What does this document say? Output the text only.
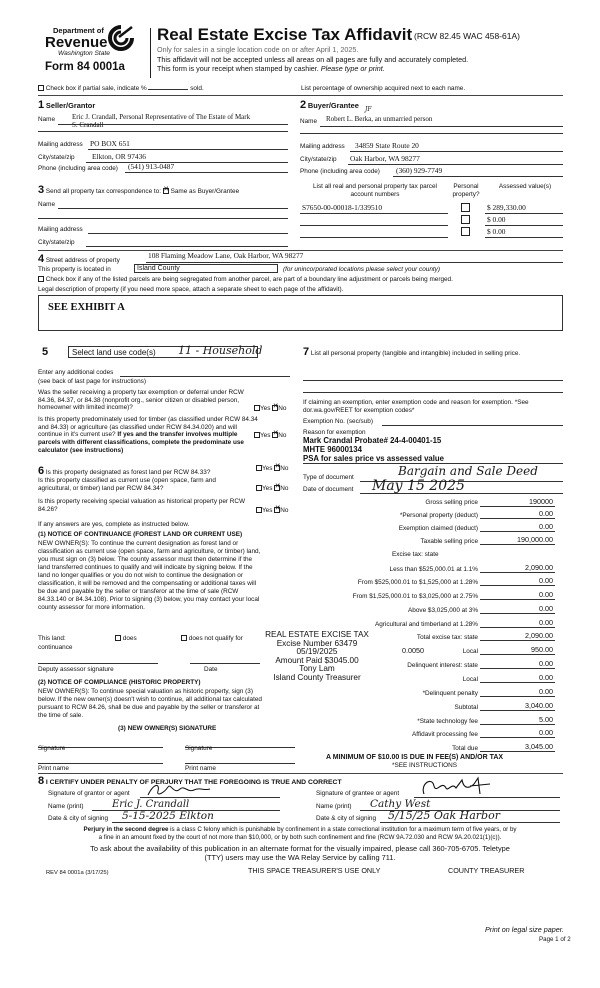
Department of
Revenue
Washington State
Form 84 0001a
Real Estate Excise Tax Affidavit (RCW 82.45 WAC 458-61A)
Only for sales in a single location code on or after April 1, 2025.
This affidavit will not be accepted unless all areas on all pages are fully and accurately completed.
This form is your receipt when stamped by cashier. Please type or print.
Check box if partial sale, indicate %	sold.	List percentage of ownership acquired next to each name.
1 Seller/Grantor
Name Eric J. Crandall, Personal Representative of The Estate of Mark
S. Crandall
Mailing address PO BOX 651
City/state/zip Elkton, OR 97436
Phone (including area code) (541) 913-0487
2 Buyer/Grantee
Name Robert L. Berka, an unmarried person
JF
Mailing address 34859 State Route 20
City/state/zip Oak Harbor, WA 98277
Phone (including area code) (360) 929-7749
3 Send all property tax correspondence to: ✕ Same as Buyer/Grantee
Name
Mailing address
City/state/zip
List all real and personal property tax parcel account numbers
Personal property?
Assessed value(s)
S7650-00-00018-1/339510	$ 289,330.00
$ 0.00
$ 0.00
4 Street address of property
108 Flaming Meadow Lane, Oak Harbor, WA 98277
This property is located in	Island County	(for unincorporated locations please select your county)
Check box if any of the listed parcels are being segregated from another parcel, are part of a boundary line adjustment or parcels being merged.
Legal description of property (if you need more space, attach a separate sheet to each page of the affidavit).
SEE EXHIBIT A
5	Select land use code(s) 11 - Household
Enter any additional codes
(see back of last page for instructions)
Was the seller receiving a property tax exemption or deferral under RCW 84.36, 84.37, or 84.38 (nonprofit org., senior citizen or disabled person, homeowner with limited income)?	Yes ✕ No
Is this property predominately used for timber (as classified under RCW 84.34 and 84.33) or agriculture (as classified under RCW 84.34.020) and will continue in it's current use? If yes and the transfer involves multiple parcels with different classifications, complete the predominate use calculator (see instructions)
Yes ✕ No
6 Is this property designated as forest land per RCW 84.33?
Yes ✕ No
Is this property classified as current use (open space, farm and agricultural, or timber) land per RCW 84.34?	Yes ✕ No
Is this property receiving special valuation as historical property per RCW 84.26?	Yes ✕ No
If any answers are yes, complete as instructed below.
(1) NOTICE OF CONTINUANCE (FOREST LAND OR CURRENT USE)
NEW OWNER(S): To continue the current designation as forest land or classification as current use (open space, farm and agriculture, or timber) land, you must sign on (3) below. The county assessor must then determine if the land transferred continues to qualify and will indicate by signing below. If the land no longer qualifies or you do not wish to continue the designation or classification, it will be removed and the compensating or additional taxes will be due and payable by the seller or transferor at the time of sale (RCW 84.33.140 or 84.34.108). Prior to signing (3) below, you may contact your local county assessor for more information.
This land:
continuance
does	does not qualify for
Deputy assessor signature	Date
(2) NOTICE OF COMPLIANCE (HISTORIC PROPERTY)
NEW OWNER(S): To continue special valuation as historic property, sign (3) below. If the new owner(s) doesn't wish to continue, all additional tax calculated pursuant to RCW 84.26, shall be due and payable by the seller or transferor at the time of sale.
(3) NEW OWNER(S) SIGNATURE
Signature	Signature
Print name	Print name
7 List all personal property (tangible and intangible) included in selling price.
If claiming an exemption, enter exemption code and reason for exemption. *See dor.wa.gov/REET for exemption codes*
Exemption No. (sec/sub)
Reason for exemption
Mark Crandal Probate# 24-4-00401-15
MHTE 96000134
PSA for sales price vs assessed value
Type of document	Bargain and Sale Deed
Date of document May 15 2025
Gross selling price	190000
*Personal property (deduct)	0.00
Exemption claimed (deduct)	0.00
Taxable selling price	190,000.00
Excise tax: state
Less than $525,000.01 at 1.1%	2,090.00
From $525,000.01 to $1,525,000 at 1.28%	0.00
From $1,525,000.01 to $3,025,000 at 2.75%	0.00
Above $3,025,000 at 3%	0.00
Agricultural and timberland at 1.28%	0.00
Total excise tax: state	2,090.00
0.0050	Local	950.00
Delinquent interest: state	0.00
Local	0.00
*Delinquent penalty	0.00
Subtotal	3,040.00
*State technology fee	5.00
Affidavit processing fee	0.00
Total due	3,045.00
A MINIMUM OF $10.00 IS DUE IN FEE(S) AND/OR TAX
*SEE INSTRUCTIONS
REAL ESTATE EXCISE TAX
Excise Number 63479
05/19/2025
Amount Paid $3045.00
Tony Lam
Island County Treasurer
8 I CERTIFY UNDER PENALTY OF PERJURY THAT THE FOREGOING IS TRUE AND CORRECT
Signature of grantor or agent
Name (print)	Eric J. Crandall
Date & city of signing 5-15-2025 Elkton
Signature of grantee or agent
Name (print) Cathy West
Date & city of signing 5/15/25 Oak Harbor
Perjury in the second degree is a class C felony which is punishable by confinement in a state correctional institution for a maximum term of five years, or by
a fine in an amount fixed by the court of not more than $10,000, or by both such confinement and fine (RCW 9A.72.030 and RCW 9A.20.021(1)(c)).
To ask about the availability of this publication in an alternate format for the visually impaired, please call 360-705-6705. Teletype
(TTY) users may use the WA Relay Service by calling 711.
REV 84 0001a (3/17/25)	THIS SPACE TREASURER'S USE ONLY	COUNTY TREASURER
Print on legal size paper.
Page 1 of 2
